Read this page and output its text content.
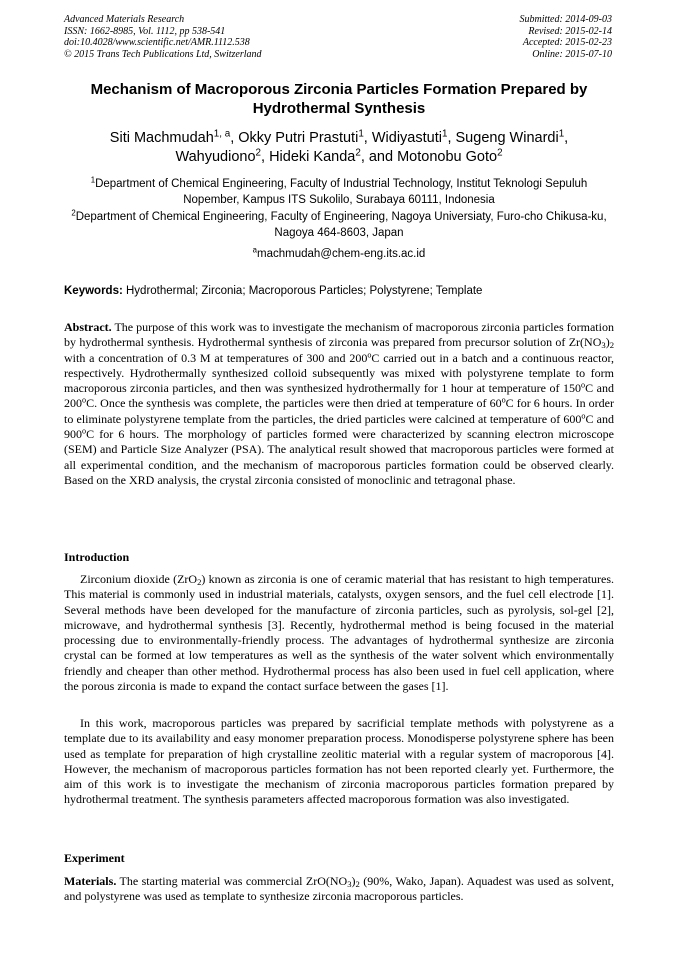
Advanced Materials Research
ISSN: 1662-8985, Vol. 1112, pp 538-541
doi:10.4028/www.scientific.net/AMR.1112.538
© 2015 Trans Tech Publications Ltd, Switzerland
Submitted: 2014-09-03
Revised: 2015-02-14
Accepted: 2015-02-23
Online: 2015-07-10
Mechanism of Macroporous Zirconia Particles Formation Prepared by Hydrothermal Synthesis
Siti Machmudah$^{1, a}$, Okky Putri Prastuti$^1$, Widiyastuti$^1$, Sugeng Winardi$^1$,
Wahyudiono$^2$, Hideki Kanda$^2$, and Motonobu Goto$^2$
$^1$Department of Chemical Engineering, Faculty of Industrial Technology, Institut Teknologi Sepuluh Nopember, Kampus ITS Sukolilo, Surabaya 60111, Indonesia
$^2$Department of Chemical Engineering, Faculty of Engineering, Nagoya Universiaty, Furo-cho Chikusa-ku, Nagoya 464-8603, Japan
$^a$machmudah@chem-eng.its.ac.id
Keywords: Hydrothermal; Zirconia; Macroporous Particles; Polystyrene; Template
Abstract. The purpose of this work was to investigate the mechanism of macroporous zirconia particles formation by hydrothermal synthesis. Hydrothermal synthesis of zirconia was prepared from precursor solution of $Zr(NO_3)_2$ with a concentration of 0.3 M at temperatures of 300 and 200$^o$C carried out in a batch and a continuous reactor, respectively. Hydrothermally synthesized colloid subsequently was mixed with polystyrene template to form macroporous zirconia particles, and then was synthesized hydrothermally for 1 hour at temperature of 150$^o$C and 200$^o$C. Once the synthesis was complete, the particles were then dried at temperature of 60$^o$C for 6 hours. In order to eliminate polystyrene template from the particles, the dried particles were calcined at temperature of 600$^o$C and 900$^o$C for 6 hours. The morphology of particles formed were characterized by scanning electron microscope (SEM) and Particle Size Analyzer (PSA). The analytical result showed that macroporous particles were formed at all experimental condition, and the mechanism of macroporous particles formation could be observed clearly. Based on the XRD analysis, the crystal zirconia consisted of monoclinic and tetragonal phase.
Introduction
Zirconium dioxide (ZrO$_2$) known as zirconia is one of ceramic material that has resistant to high temperatures. This material is commonly used in industrial materials, catalysts, oxygen sensors, and the fuel cell electrode [1]. Several methods have been developed for the manufacture of zirconia particles, such as pyrolysis, sol-gel [2], microwave, and hydrothermal synthesis [3]. Recently, hydrothermal method is being focused in the material processing due to environmentally-friendly process. The advantages of hydrothermal synthesize are zirconia crystal can be formed at low temperatures as well as the synthesis of the water solvent which environmentally friendly and cheaper than other method. Hydrothermal process has also been used in fuel cell application, where the porous zirconia is made to expand the contact surface between the gases [1].
In this work, macroporous particles was prepared by sacrificial template methods with polystyrene as a template due to its availability and easy monomer preparation process. Monodisperse polystyrene sphere has been used as template for preparation of high crystalline zeolitic material with a regular system of macroporous [4]. However, the mechanism of macroporous particles formation has not been reported clearly yet. Furthermore, the aim of this work is to investigate the mechanism of zirconia macroporous particles formation prepared by hydrothermal treatment. The synthesis parameters affected macroporous formation was also investigated.
Experiment
Materials. The starting material was commercial $ZrO(NO_3)_2$ (90%, Wako, Japan). Aquadest was used as solvent, and polystyrene was used as template to synthesize zirconia macroporous particles.
